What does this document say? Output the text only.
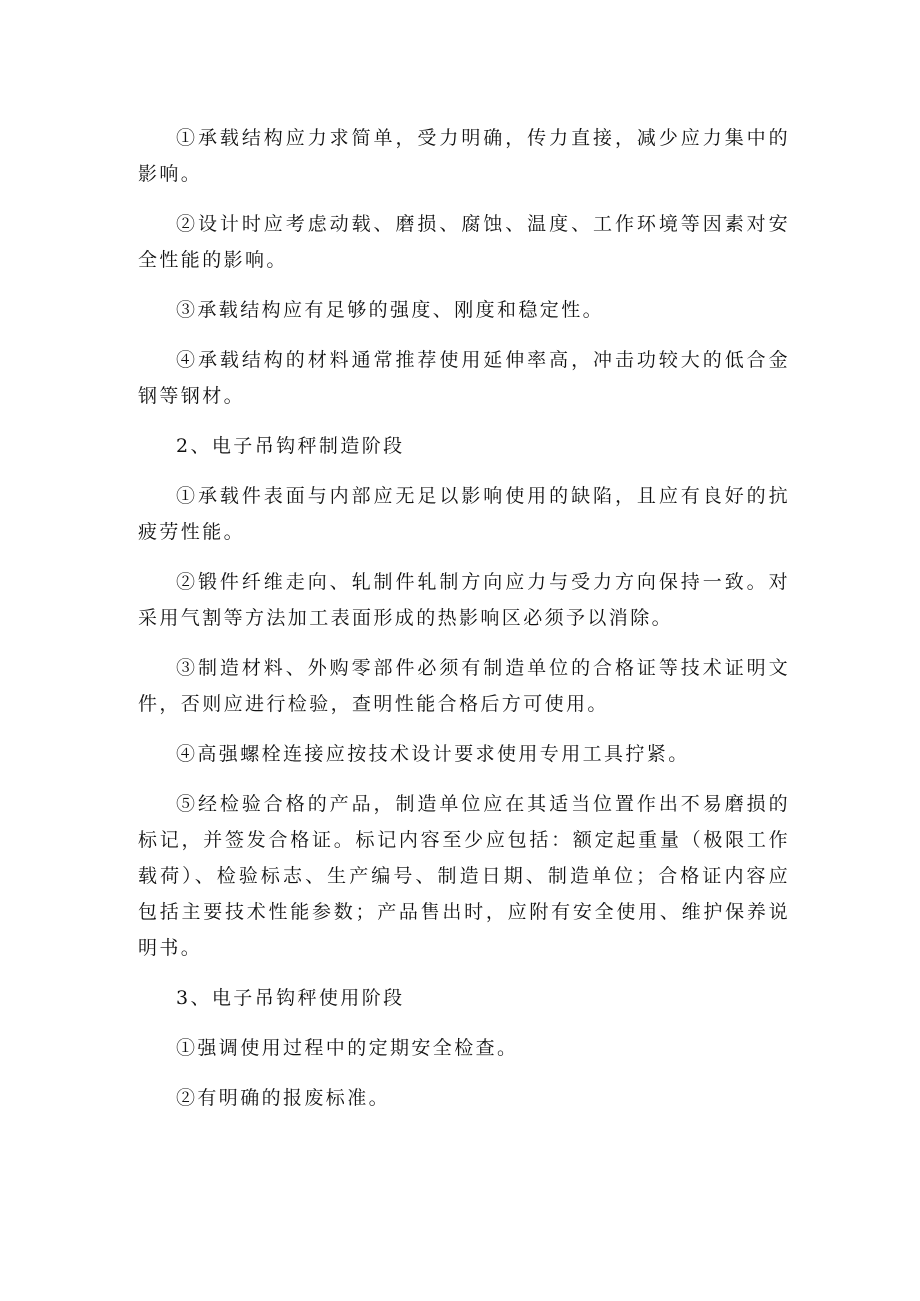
①承载结构应力求简单，受力明确，传力直接，减少应力集中的影响。

②设计时应考虑动载、磨损、腐蚀、温度、工作环境等因素对安全性能的影响。

③承载结构应有足够的强度、刚度和稳定性。

④承载结构的材料通常推荐使用延伸率高，冲击功较大的低合金钢等钢材。

2、电子吊钩秤制造阶段

①承载件表面与内部应无足以影响使用的缺陷，且应有良好的抗疲劳性能。

②锻件纤维走向、轧制件轧制方向应力与受力方向保持一致。对采用气割等方法加工表面形成的热影响区必须予以消除。

③制造材料、外购零部件必须有制造单位的合格证等技术证明文件，否则应进行检验，查明性能合格后方可使用。

④高强螺栓连接应按技术设计要求使用专用工具拧紧。

⑤经检验合格的产品，制造单位应在其适当位置作出不易磨损的标记，并签发合格证。标记内容至少应包括：额定起重量（极限工作载荷）、检验标志、生产编号、制造日期、制造单位；合格证内容应包括主要技术性能参数；产品售出时，应附有安全使用、维护保养说明书。

3、电子吊钩秤使用阶段

①强调使用过程中的定期安全检查。

②有明确的报废标准。
